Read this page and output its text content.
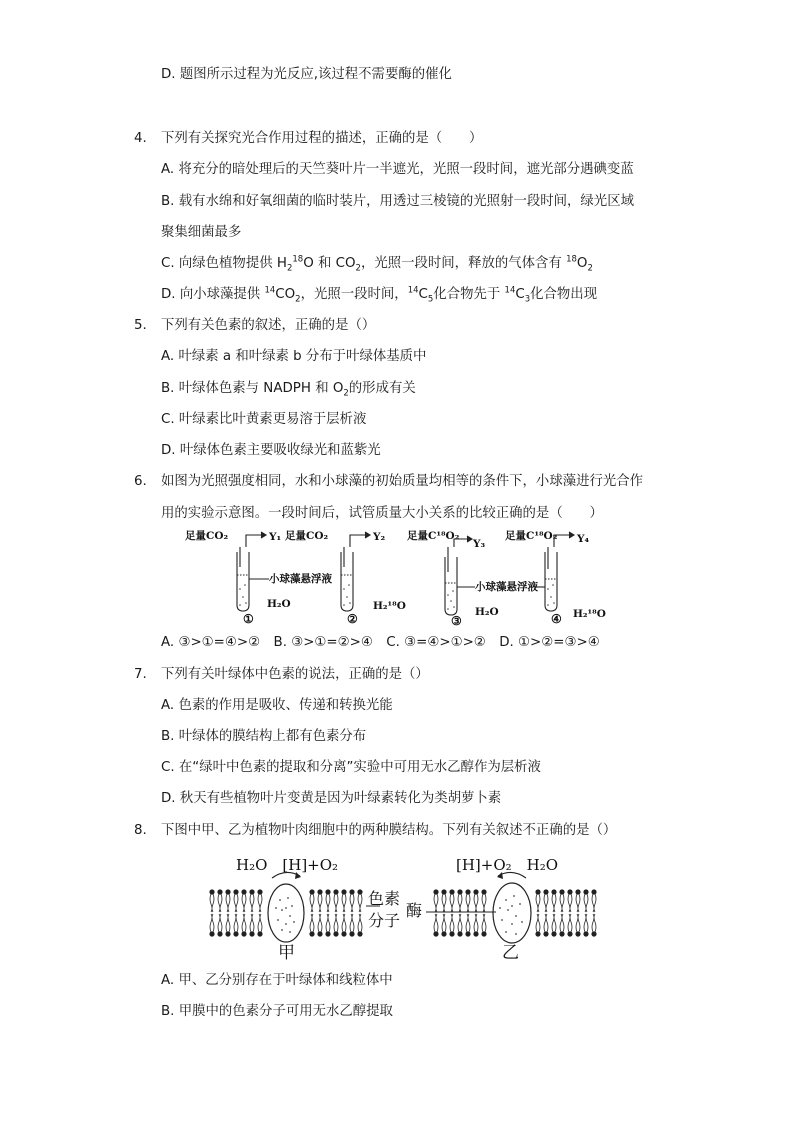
D. 题图所示过程为光反应,该过程不需要酶的催化
4. 下列有关探究光合作用过程的描述，正确的是（　　）
A. 将充分的暗处理后的天竺葵叶片一半遮光，光照一段时间，遮光部分遇碘变蓝
B. 载有水绵和好氧细菌的临时装片，用透过三棱镜的光照射一段时间，绿光区域
聚集细菌最多
C. 向绿色植物提供 $H_2^{18}O$ 和 $CO_2$，光照一段时间，释放的气体含有 $^{18}O_2$
D. 向小球藻提供 $^{14}CO_2$，光照一段时间，$^{14}C_5$化合物先于 $^{14}C_3$化合物出现
5. 下列有关色素的叙述，正确的是（）
A. 叶绿素 a 和叶绿素 b 分布于叶绿体基质中
B. 叶绿体色素与 NADPH 和 $O_2$的形成有关
C. 叶绿素比叶黄素更易溶于层析液
D. 叶绿体色素主要吸收绿光和蓝紫光
6. 如图为光照强度相同，水和小球藻的初始质量均相等的条件下，小球藻进行光合作
用的实验示意图。一段时间后，试管质量大小关系的比较正确的是（　　）
足量CO₂	Y₁ 足量CO₂	Y₂ 足量C¹⁸O₂
Y₃
足量C¹⁸O₂ Y₄
小球藻悬浮液
小球藻悬浮液
H₂O	H₂¹⁸O	H₂O	H₂¹⁸O
①	②	③	④
A. ③>①=④>②　B. ③>①=②>④　C. ③=④>①>②　D. ①>②=③>④
7. 下列有关叶绿体中色素的说法，正确的是（）
A. 色素的作用是吸收、传递和转换光能
B. 叶绿体的膜结构上都有色素分布
C. 在“绿叶中色素的提取和分离”实验中可用无水乙醇作为层析液
D. 秋天有些植物叶片变黄是因为叶绿素转化为类胡萝卜素
8. 下图中甲、乙为植物叶肉细胞中的两种膜结构。下列有关叙述不正确的是（）
H₂O　[H]+O₂	[H]+O₂　H₂O
色素
分子
酶
甲	乙
A. 甲、乙分别存在于叶绿体和线粒体中
B. 甲膜中的色素分子可用无水乙醇提取
